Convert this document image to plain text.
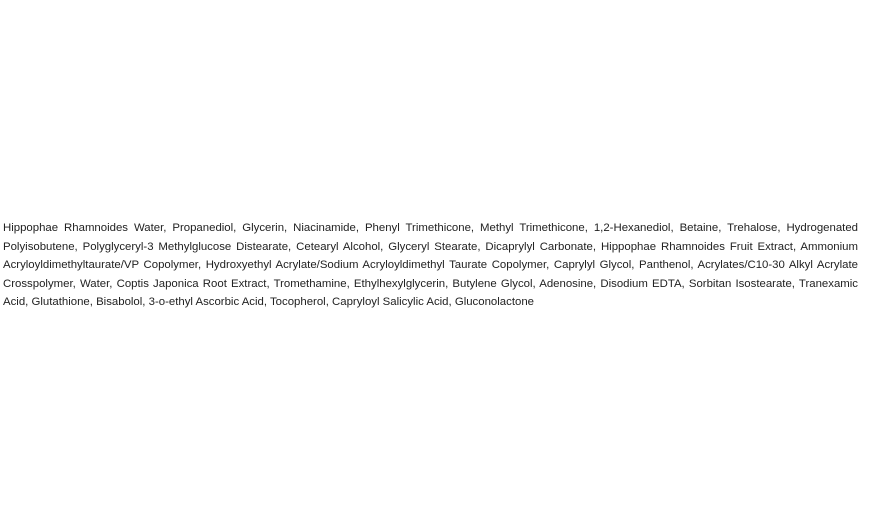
Hippophae Rhamnoides Water, Propanediol, Glycerin, Niacinamide, Phenyl Trimethicone, Methyl Trimethicone, 1,2-Hexanediol, Betaine, Trehalose, Hydrogenated Polyisobutene, Polyglyceryl-3 Methylglucose Distearate, Cetearyl Alcohol, Glyceryl Stearate, Dicaprylyl Carbonate, Hippophae Rhamnoides Fruit Extract, Ammonium Acryloyldimethyltaurate/VP Copolymer, Hydroxyethyl Acrylate/Sodium Acryloyldimethyl Taurate Copolymer, Caprylyl Glycol, Panthenol, Acrylates/C10-30 Alkyl Acrylate Crosspolymer, Water, Coptis Japonica Root Extract, Tromethamine, Ethylhexylglycerin, Butylene Glycol, Adenosine, Disodium EDTA, Sorbitan Isostearate, Tranexamic Acid, Glutathione, Bisabolol, 3-o-ethyl Ascorbic Acid, Tocopherol, Capryloyl Salicylic Acid, Gluconolactone
